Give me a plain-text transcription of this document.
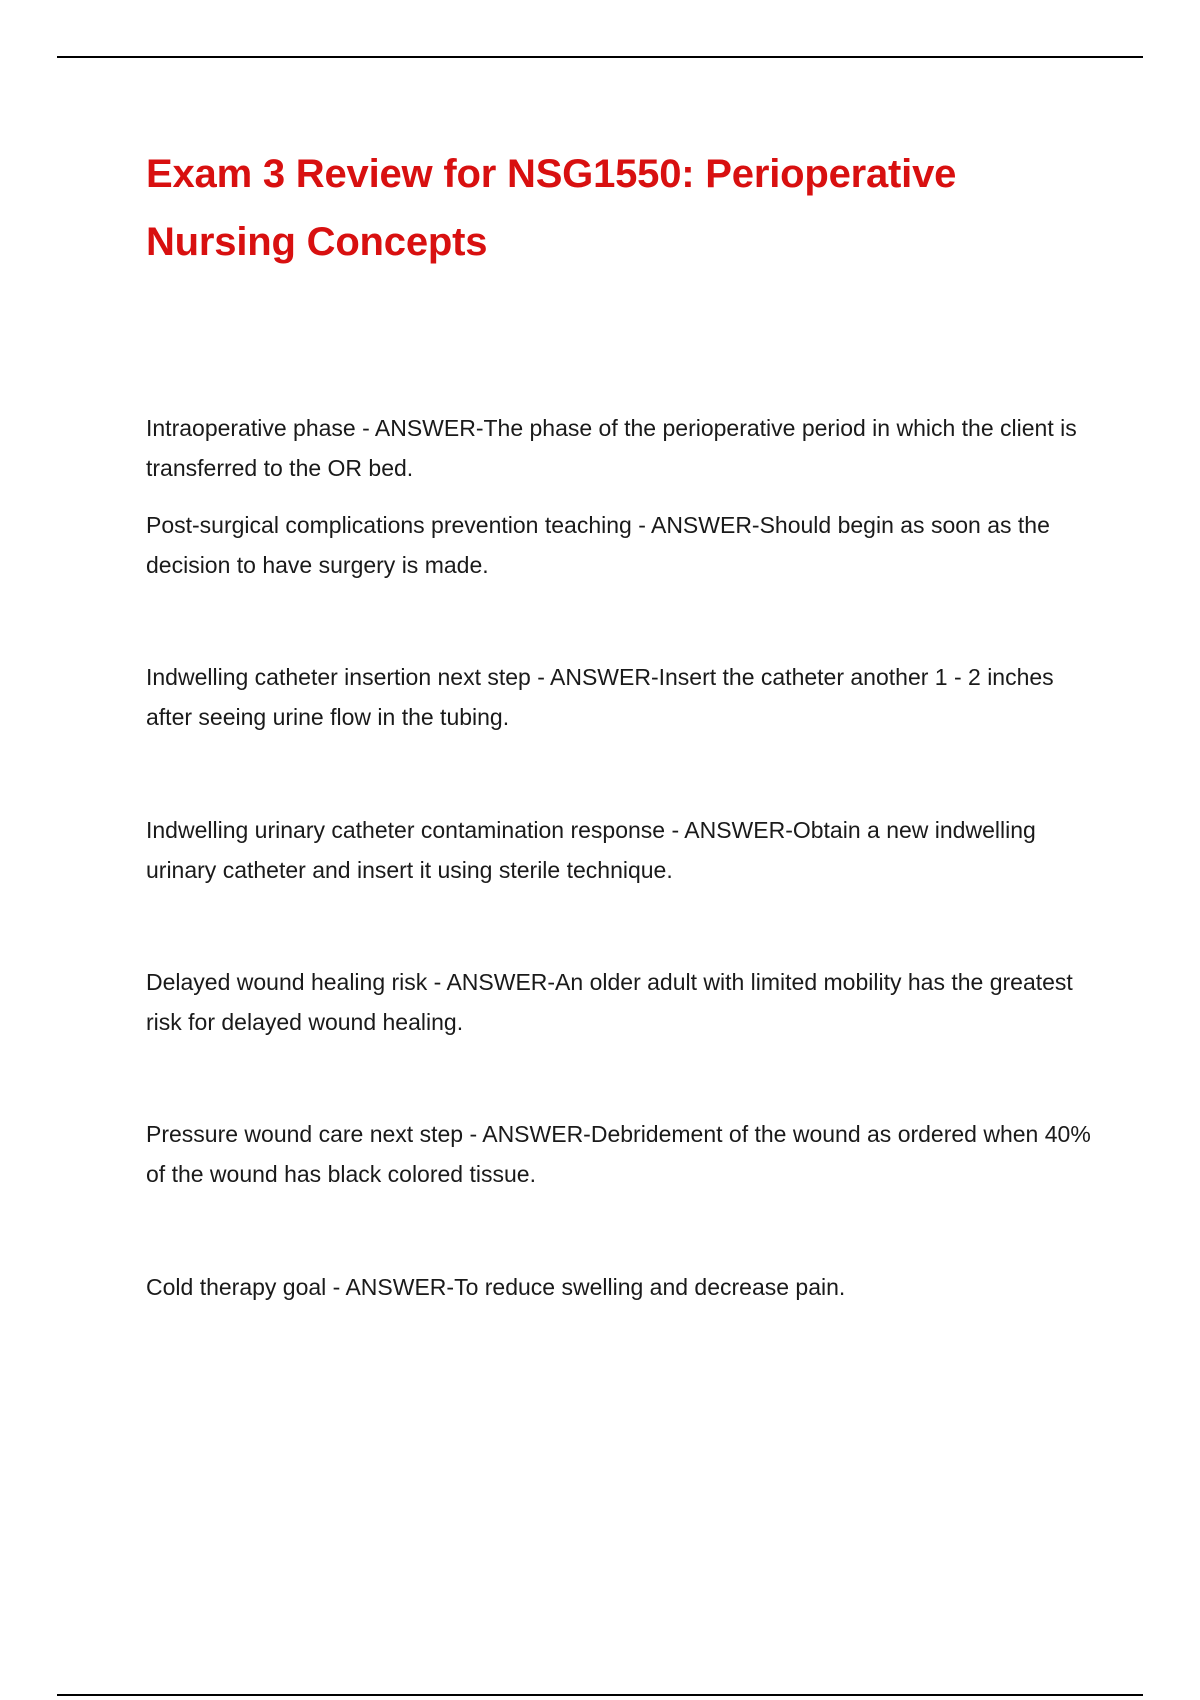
Exam 3 Review for NSG1550: Perioperative Nursing Concepts

Intraoperative phase - ANSWER-The phase of the perioperative period in which the client is transferred to the OR bed.

Post-surgical complications prevention teaching - ANSWER-Should begin as soon as the decision to have surgery is made.

Indwelling catheter insertion next step - ANSWER-Insert the catheter another 1 - 2 inches after seeing urine flow in the tubing.

Indwelling urinary catheter contamination response - ANSWER-Obtain a new indwelling urinary catheter and insert it using sterile technique.

Delayed wound healing risk - ANSWER-An older adult with limited mobility has the greatest risk for delayed wound healing.

Pressure wound care next step - ANSWER-Debridement of the wound as ordered when 40% of the wound has black colored tissue.

Cold therapy goal - ANSWER-To reduce swelling and decrease pain.
